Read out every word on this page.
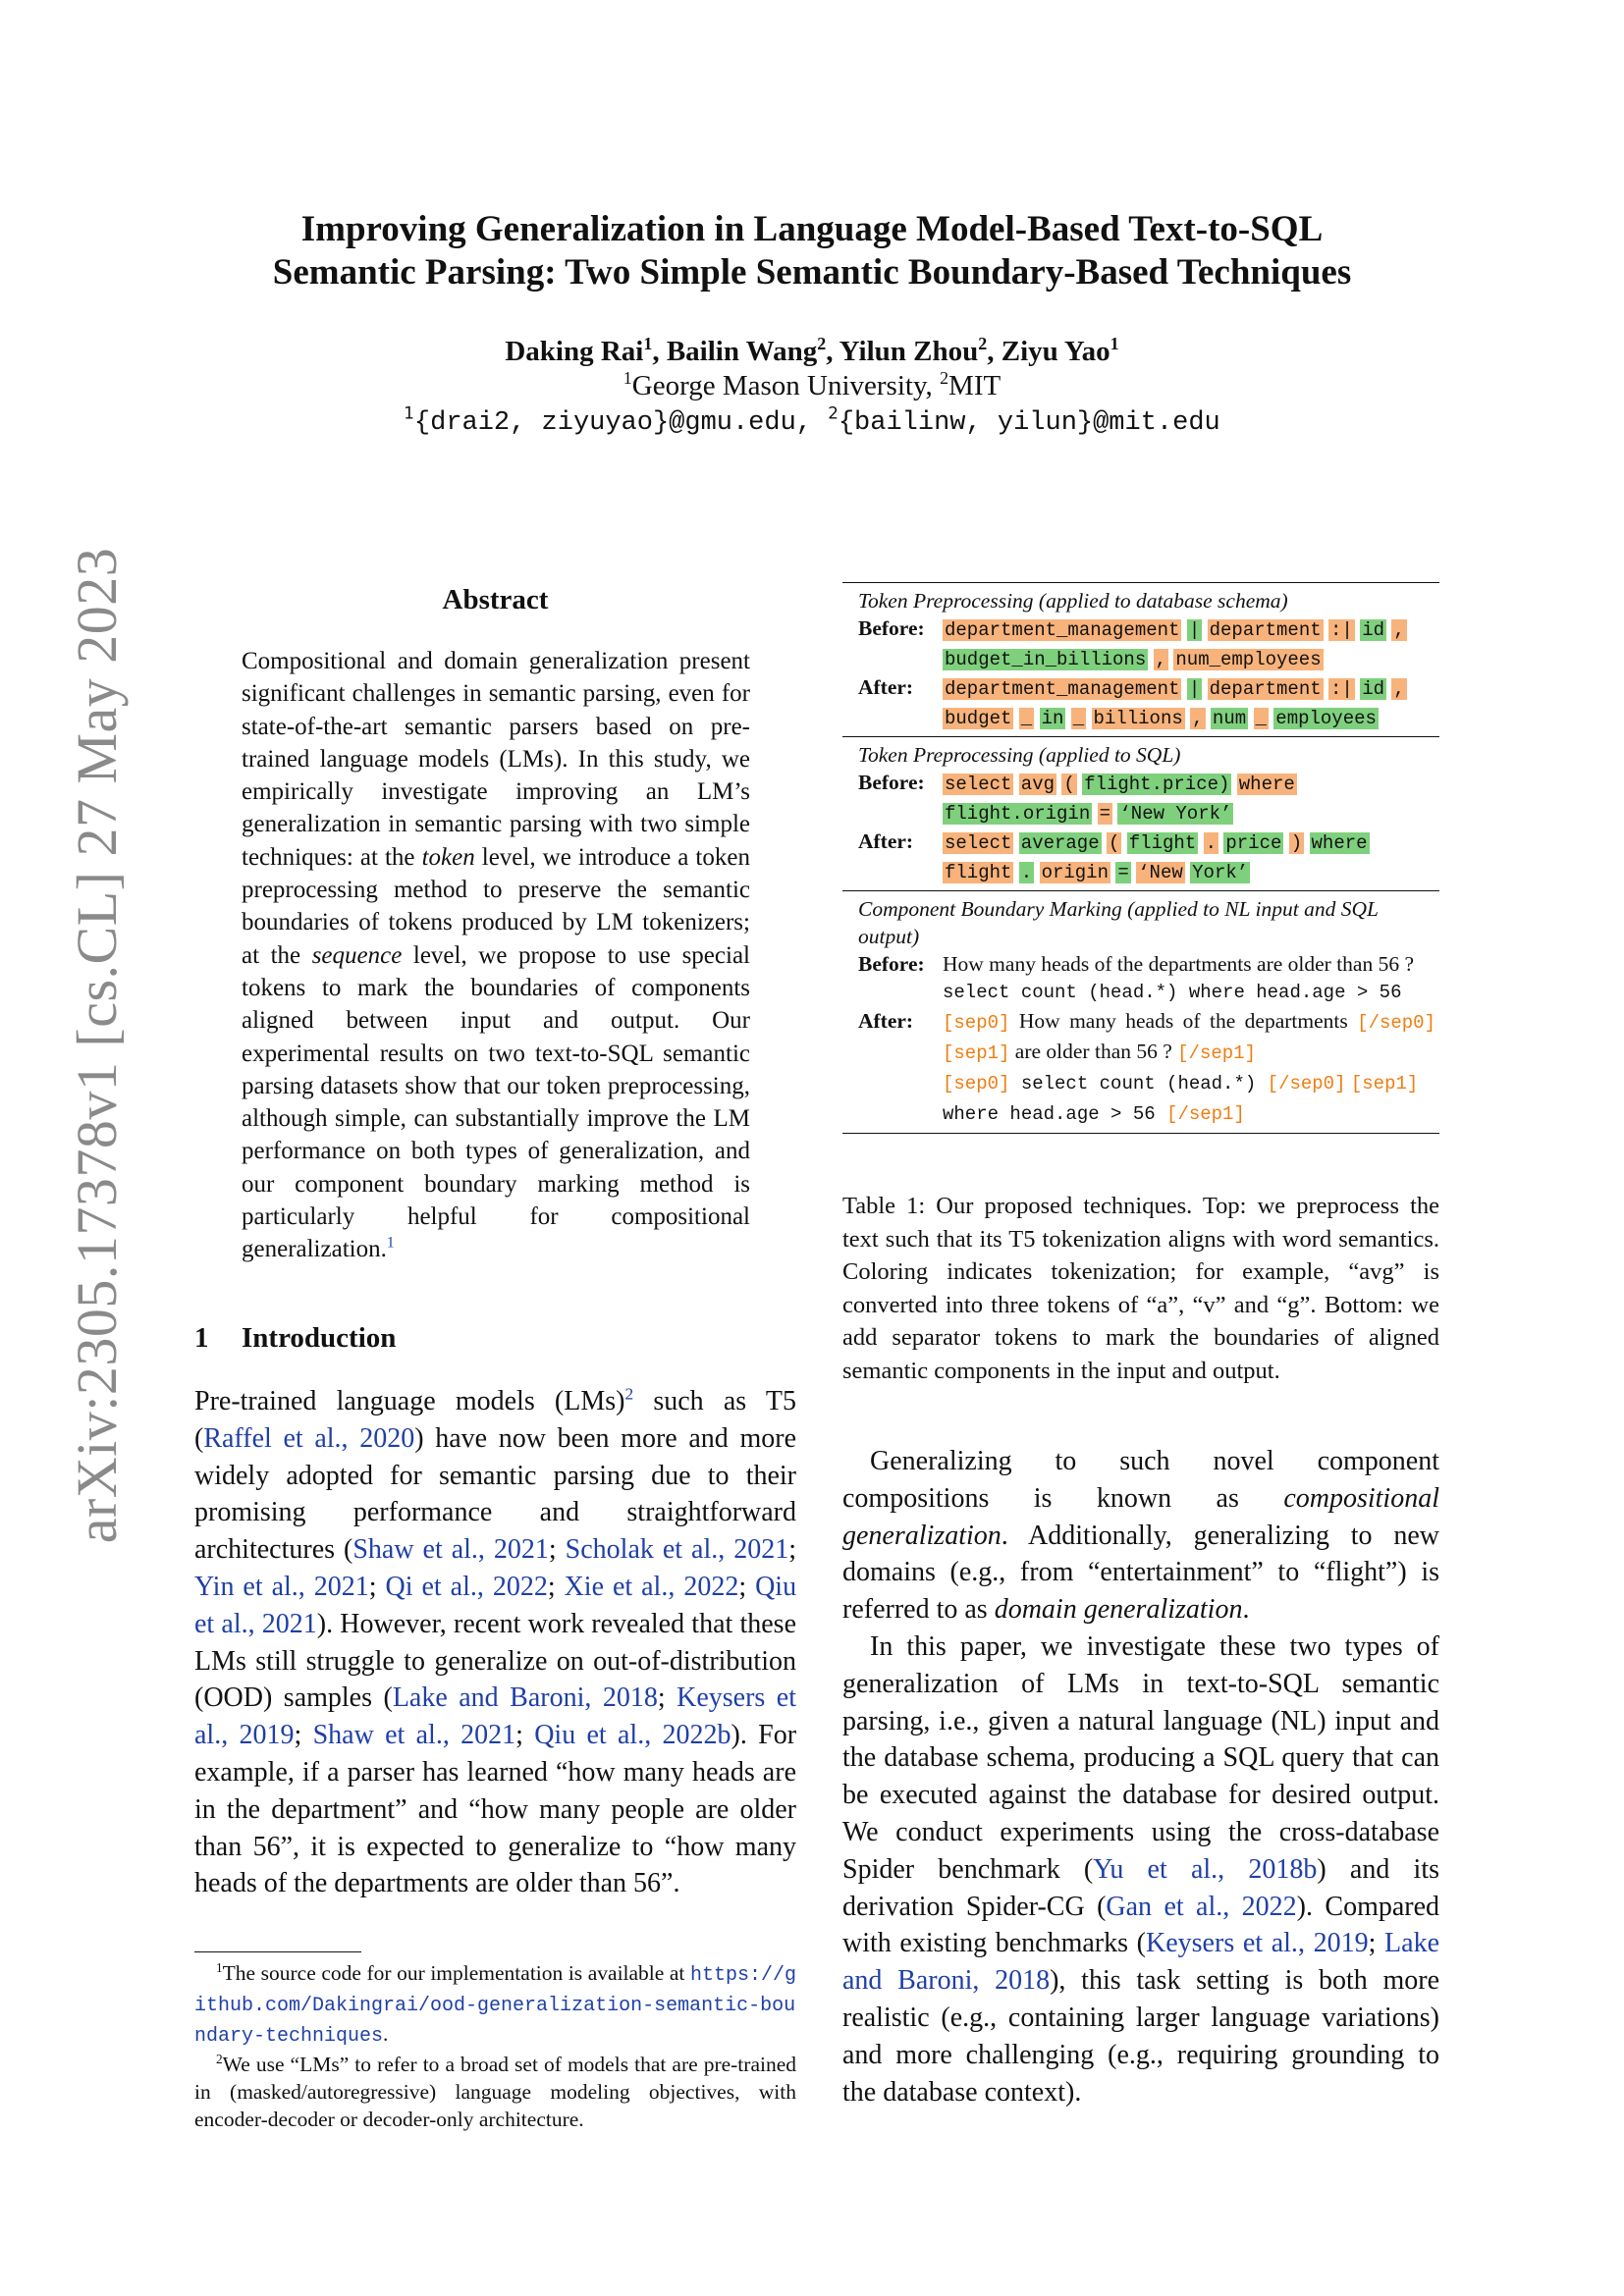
arXiv:2305.17378v1 [cs.CL] 27 May 2023
Improving Generalization in Language Model-Based Text-to-SQL
Semantic Parsing: Two Simple Semantic Boundary-Based Techniques
Daking Rai$^1$, Bailin Wang$^2$, Yilun Zhou$^2$, Ziyu Yao$^1$
$^1$George Mason University, $^2$MIT
$^1${drai2, ziyuyao}@gmu.edu, $^2${bailinw, yilun}@mit.edu
Abstract
Compositional and domain generalization present significant challenges in semantic parsing, even for state-of-the-art semantic parsers based on pre-trained language models (LMs). In this study, we empirically investigate improving an LM’s generalization in semantic parsing with two simple techniques: at the token level, we introduce a token preprocessing method to preserve the semantic boundaries of tokens produced by LM tokenizers; at the sequence level, we propose to use special tokens to mark the boundaries of components aligned between input and output. Our experimental results on two text-to-SQL semantic parsing datasets show that our token preprocessing, although simple, can substantially improve the LM performance on both types of generalization, and our component boundary marking method is particularly helpful for compositional generalization.$^1$
1 Introduction
Pre-trained language models (LMs)$^2$ such as T5 (Raffel et al., 2020) have now been more and more widely adopted for semantic parsing due to their promising performance and straightforward architectures (Shaw et al., 2021; Scholak et al., 2021; Yin et al., 2021; Qi et al., 2022; Xie et al., 2022; Qiu et al., 2021). However, recent work revealed that these LMs still struggle to generalize on out-of-distribution (OOD) samples (Lake and Baroni, 2018; Keysers et al., 2019; Shaw et al., 2021; Qiu et al., 2022b). For example, if a parser has learned “how many heads are in the department” and “how many people are older than 56”, it is expected to generalize to “how many heads of the departments are older than 56”.
$^1$The source code for our implementation is available at https://github.com/Dakingrai/ood-generalization-semantic-boundary-techniques.
$^2$We use “LMs” to refer to a broad set of models that are pre-trained in (masked/autoregressive) language modeling objectives, with encoder-decoder or decoder-only architecture.
Token Preprocessing (applied to database schema)
Before:	department_management | department :| id , budget_in_billions , num_employees
After:	department_management | department :| id , budget _ in _ billions , num _ employees
Token Preprocessing (applied to SQL)
Before:	select avg ( flight.price) where flight.origin = ‘New York’
After:	select average ( flight . price ) where flight . origin = ‘New York’
Component Boundary Marking (applied to NL input and SQL output)
Before: How many heads of the departments are older than 56 ?
select count (head.*) where head.age > 56
After:	[sep0] How many heads of the departments [/sep0] [sep1] are older than 56 ? [/sep1]
[sep0] select count (head.*) [/sep0] [sep1]
where head.age > 56 [/sep1]
Table 1: Our proposed techniques. Top: we preprocess the text such that its T5 tokenization aligns with word semantics. Coloring indicates tokenization; for example, “avg” is converted into three tokens of “a”, “v” and “g”. Bottom: we add separator tokens to mark the boundaries of aligned semantic components in the input and output.

Generalizing to such novel component compositions is known as compositional generalization. Additionally, generalizing to new domains (e.g., from “entertainment” to “flight”) is referred to as domain generalization.

In this paper, we investigate these two types of generalization of LMs in text-to-SQL semantic parsing, i.e., given a natural language (NL) input and the database schema, producing a SQL query that can be executed against the database for desired output. We conduct experiments using the cross-database Spider benchmark (Yu et al., 2018b) and its derivation Spider-CG (Gan et al., 2022). Compared with existing benchmarks (Keysers et al., 2019; Lake and Baroni, 2018), this task setting is both more realistic (e.g., containing larger language variations) and more challenging (e.g., requiring grounding to the database context).
